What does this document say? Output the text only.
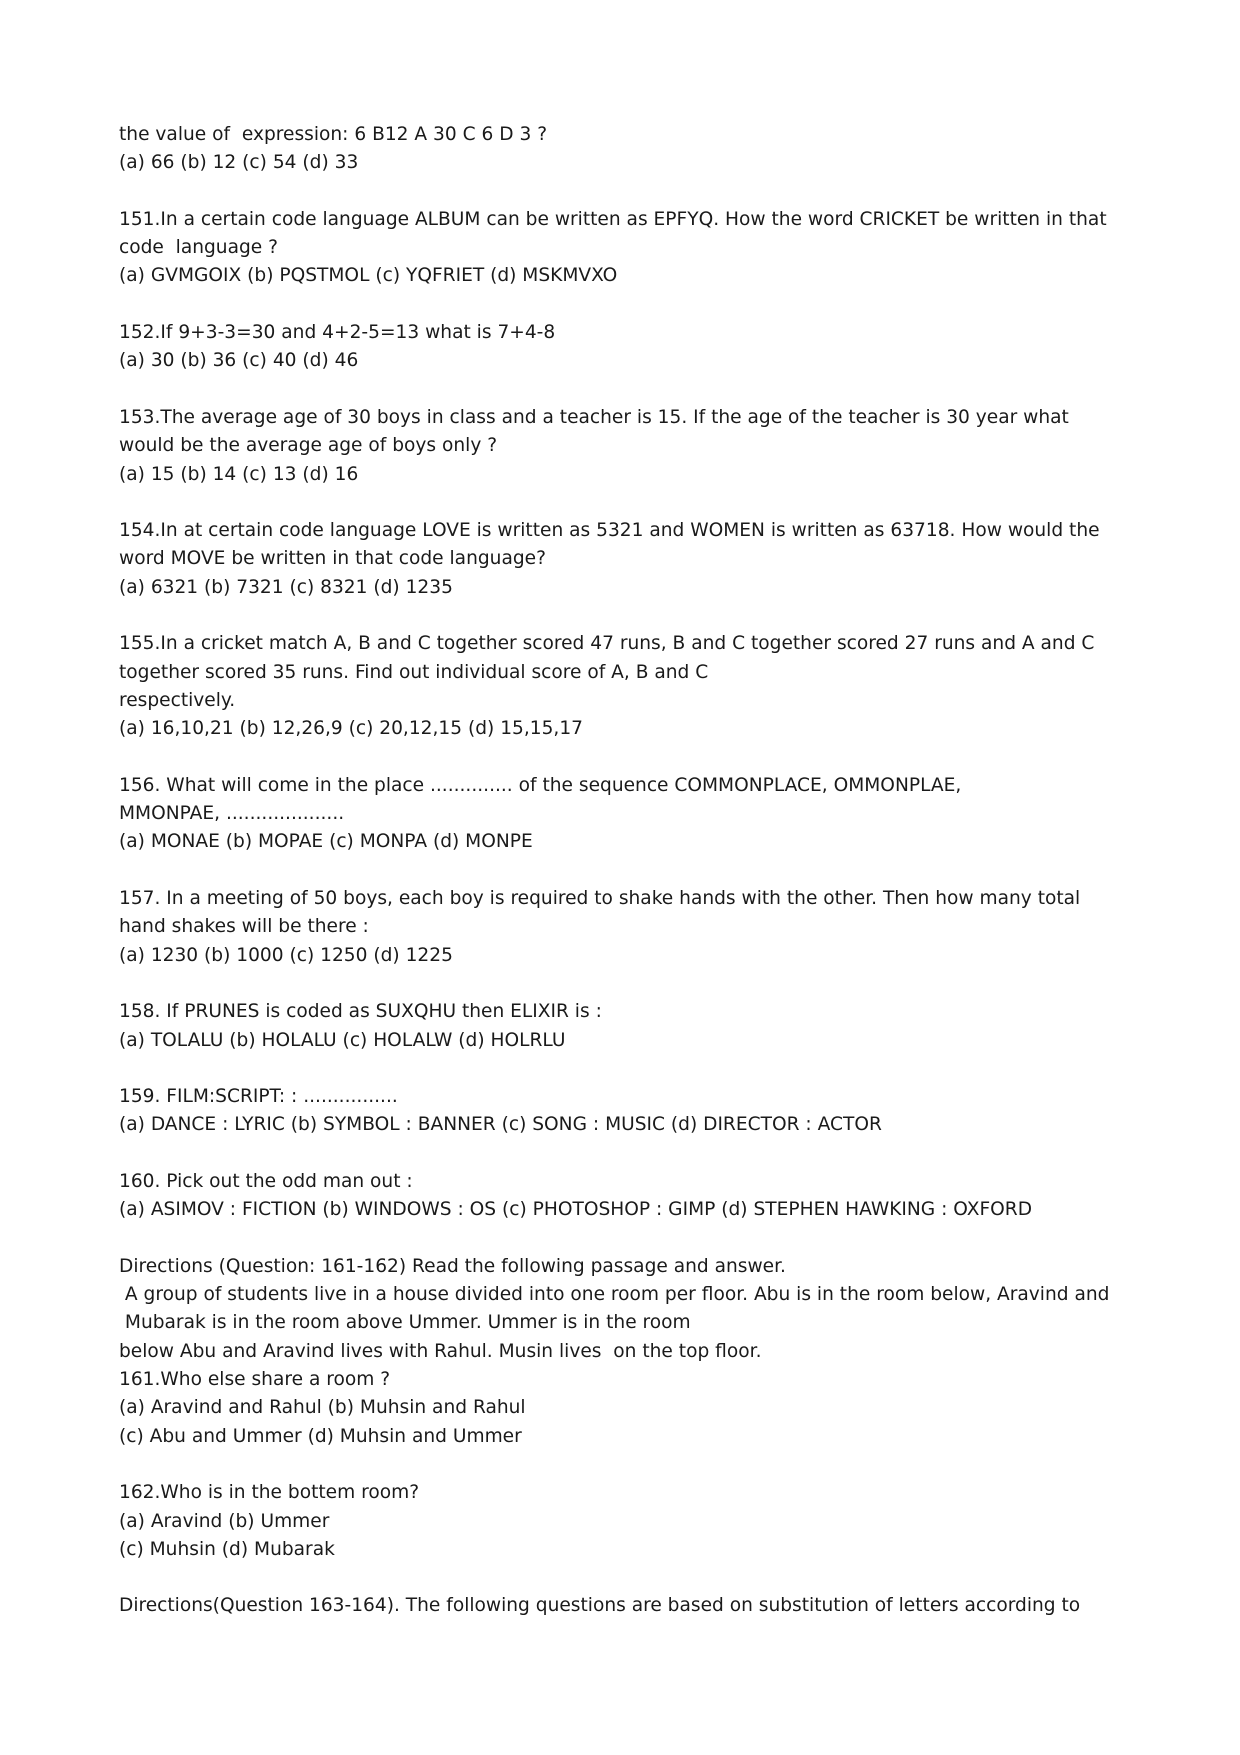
the value of  expression: 6 B12 A 30 C 6 D 3 ?
(a) 66 (b) 12 (c) 54 (d) 33
151.In a certain code language ALBUM can be written as EPFYQ. How the word CRICKET be written in that
code  language ?
(a) GVMGOIX (b) PQSTMOL (c) YQFRIET (d) MSKMVXO
152.If 9+3-3=30 and 4+2-5=13 what is 7+4-8
(a) 30 (b) 36 (c) 40 (d) 46
153.The average age of 30 boys in class and a teacher is 15. If the age of the teacher is 30 year what
would be the average age of boys only ?
(a) 15 (b) 14 (c) 13 (d) 16
154.In at certain code language LOVE is written as 5321 and WOMEN is written as 63718. How would the
word MOVE be written in that code language?
(a) 6321 (b) 7321 (c) 8321 (d) 1235
155.In a cricket match A, B and C together scored 47 runs, B and C together scored 27 runs and A and C
together scored 35 runs. Find out individual score of A, B and C
respectively.
(a) 16,10,21 (b) 12,26,9 (c) 20,12,15 (d) 15,15,17
156. What will come in the place .............. of the sequence COMMONPLACE, OMMONPLAE,
MMONPAE, ....................
(a) MONAE (b) MOPAE (c) MONPA (d) MONPE
157. In a meeting of 50 boys, each boy is required to shake hands with the other. Then how many total
hand shakes will be there :
(a) 1230 (b) 1000 (c) 1250 (d) 1225
158. If PRUNES is coded as SUXQHU then ELIXIR is :
(a) TOLALU (b) HOLALU (c) HOLALW (d) HOLRLU
159. FILM:SCRIPT: : ................
(a) DANCE : LYRIC (b) SYMBOL : BANNER (c) SONG : MUSIC (d) DIRECTOR : ACTOR
160. Pick out the odd man out :
(a) ASIMOV : FICTION (b) WINDOWS : OS (c) PHOTOSHOP : GIMP (d) STEPHEN HAWKING : OXFORD
Directions (Question: 161-162) Read the following passage and answer.
A group of students live in a house divided into one room per floor. Abu is in the room below, Aravind and
Mubarak is in the room above Ummer. Ummer is in the room
below Abu and Aravind lives with Rahul. Musin lives  on the top floor.
161.Who else share a room ?
(a) Aravind and Rahul (b) Muhsin and Rahul
(c) Abu and Ummer (d) Muhsin and Ummer
162.Who is in the bottem room?
(a) Aravind (b) Ummer
(c) Muhsin (d) Mubarak
Directions(Question 163-164). The following questions are based on substitution of letters according to
